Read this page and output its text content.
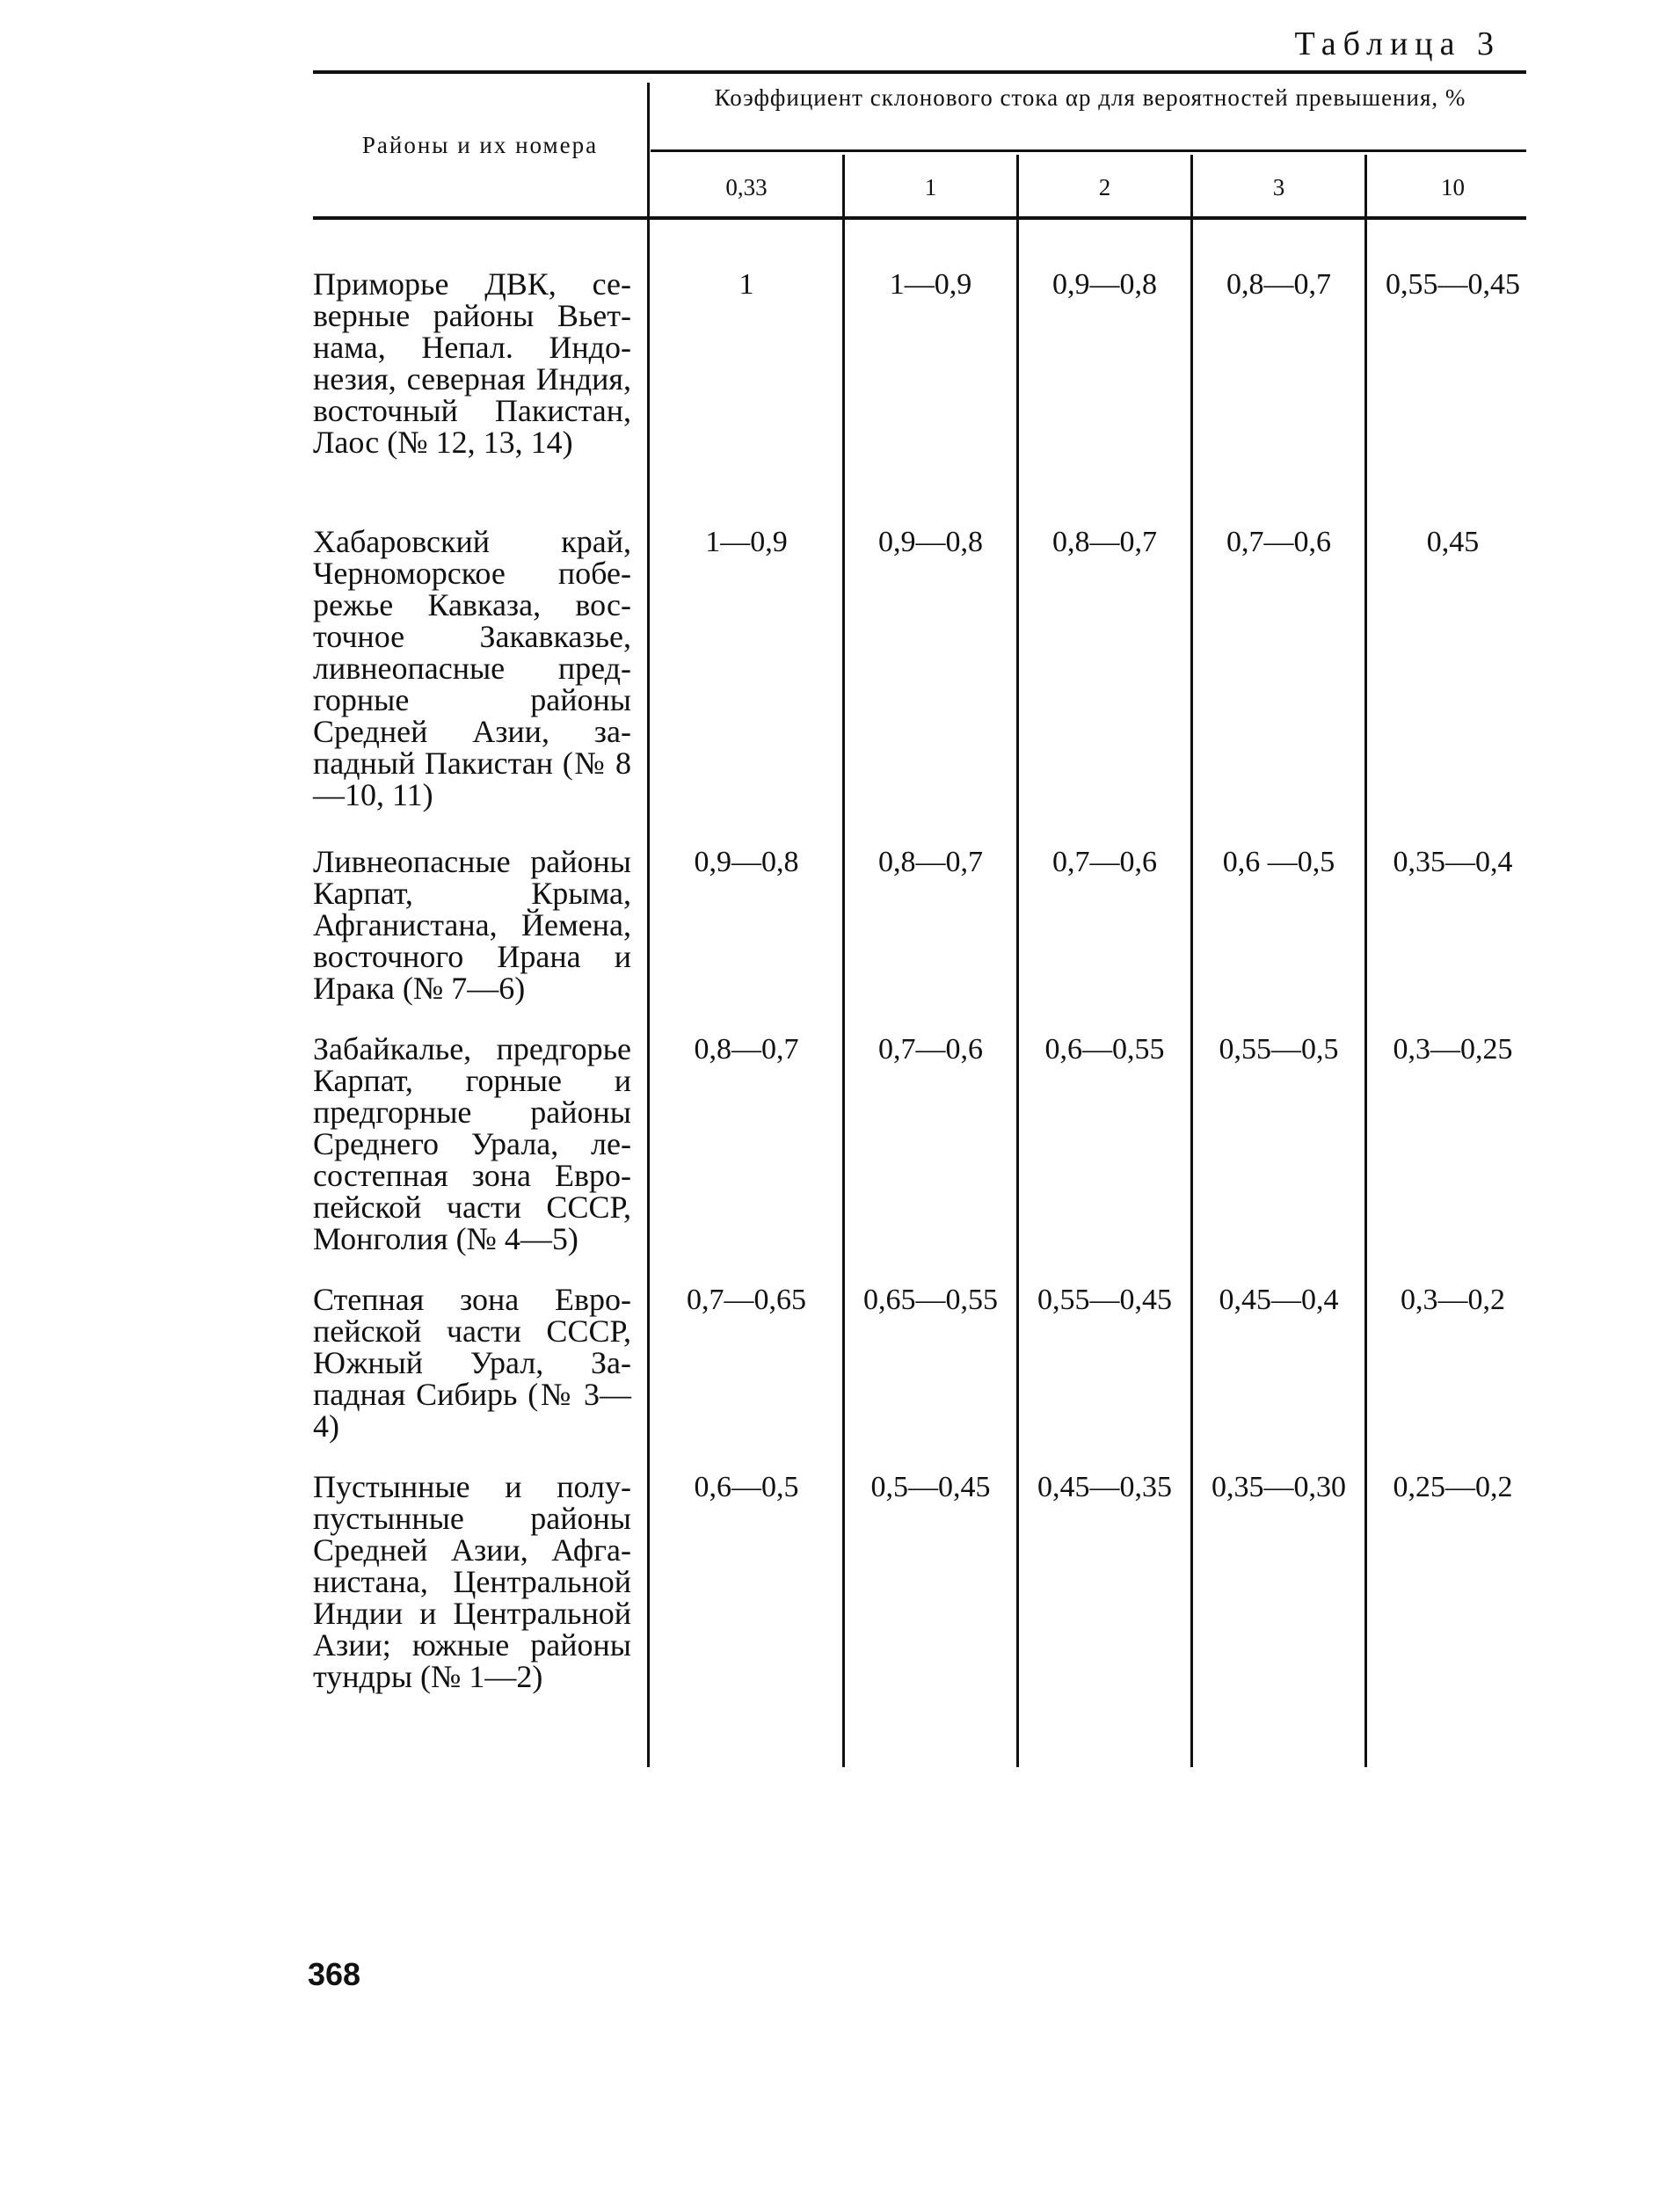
Таблица 3
Районы и их номера
Коэффициент склонового стока αp для вероятностей превышения, %
0,33	1	2	3	10
Приморье ДВК, северные районы Вьетнама, Непал. Индонезия, северная Индия, восточный Пакистан, Лаос (№ 12, 13, 14)
1	1—0,9	0,9—0,8	0,8—0,7	0,55—0,45
Хабаровский край, Черноморское побережье Кавказа, восточное Закавказье, ливнеопасные предгорные районы Средней Азии, западный Пакистан (№ 8—10, 11)
1—0,9	0,9—0,8	0,8—0,7	0,7—0,6	0,45
Ливнеопасные районы Карпат, Крыма, Афганистана, Йемена, восточного Ирана и Ирака (№ 7—6)
0,9—0,8	0,8—0,7	0,7—0,6	0,6 —0,5	0,35—0,4
Забайкалье, предгорье Карпат, горные и предгорные районы Среднего Урала, лесостепная зона Европейской части СССР, Монголия (№ 4—5)
0,8—0,7	0,7—0,6	0,6—0,55	0,55—0,5	0,3—0,25
Степная зона Европейской части СССР, Южный Урал, Западная Сибирь (№ 3—4)
0,7—0,65	0,65—0,55	0,55—0,45	0,45—0,4	0,3—0,2
Пустынные и полупустынные районы Средней Азии, Афганистана, Центральной Индии и Центральной Азии; южные районы тундры (№ 1—2)
0,6—0,5	0,5—0,45	0,45—0,35	0,35—0,30	0,25—0,2
368
